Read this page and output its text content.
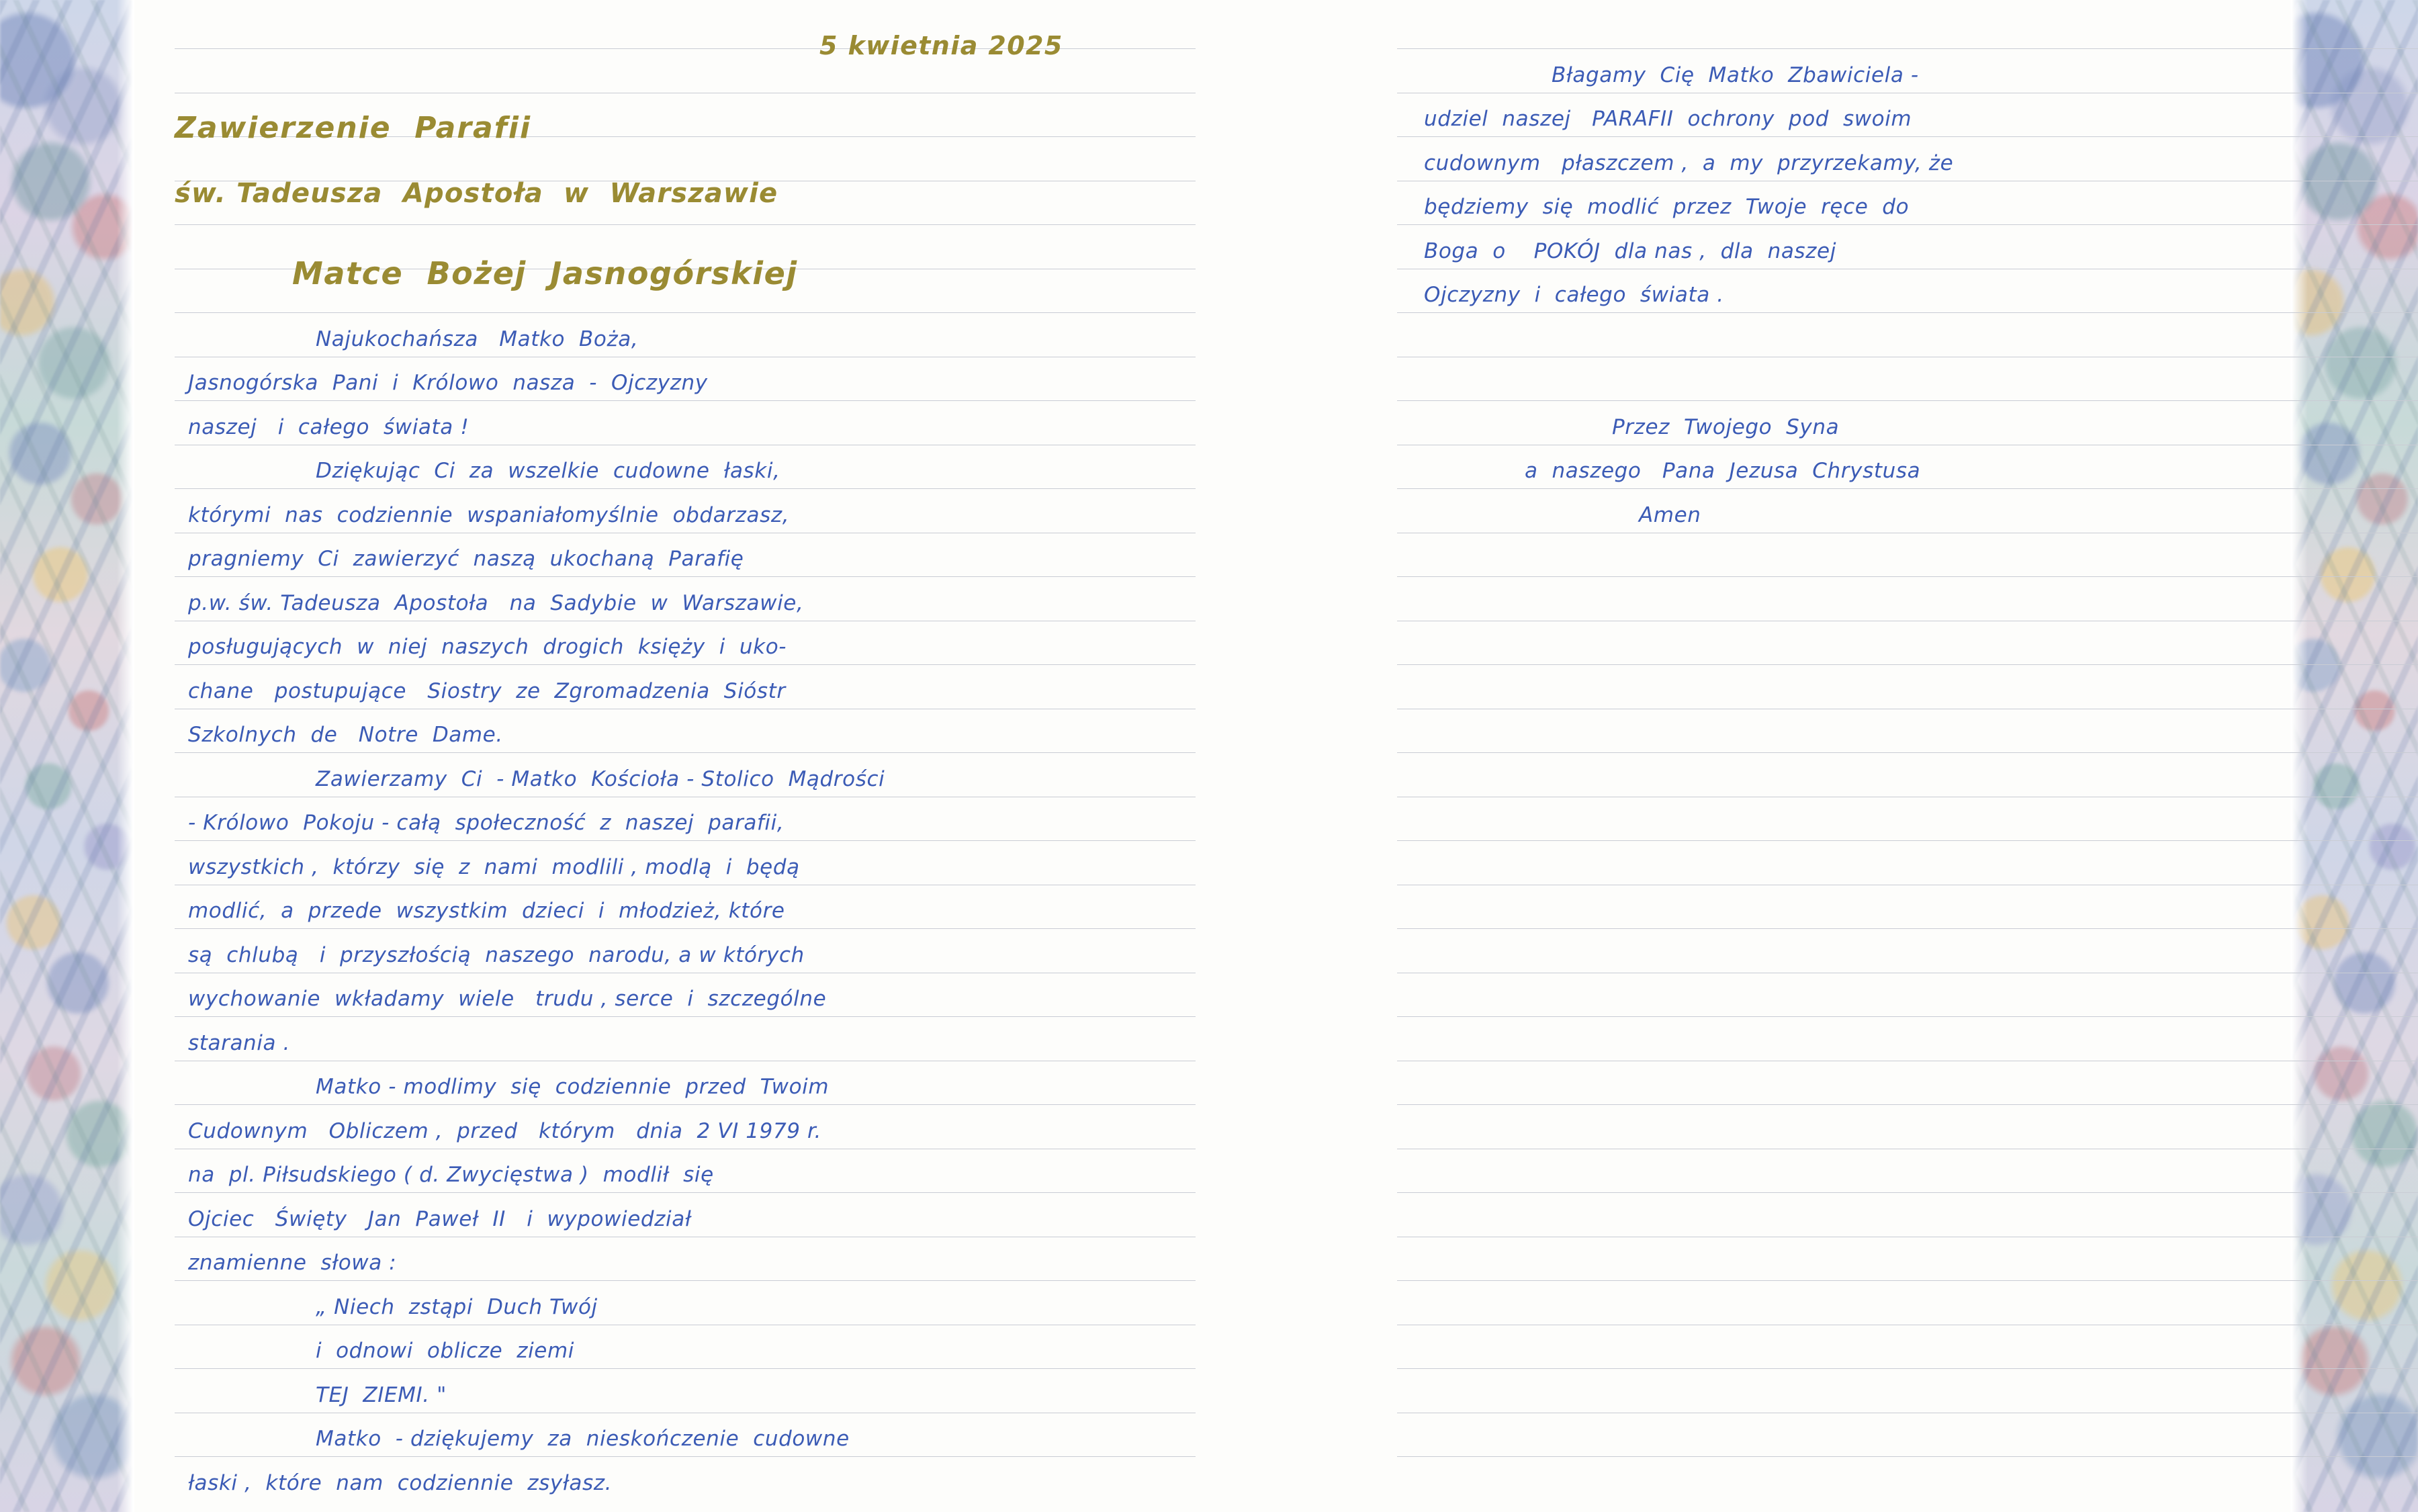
Najukochańsza   Matko  Boża,
Jasnogórska  Pani  i  Królowo  nasza  -  Ojczyzny
naszej   i  całego  świata !
Dziękując  Ci  za  wszelkie  cudowne  łaski,
którymi  nas  codziennie  wspaniałomyślnie  obdarzasz,
pragniemy  Ci  zawierzyć  naszą  ukochaną  Parafię
p.w. św. Tadeusza  Apostoła   na  Sadybie  w  Warszawie,
posługujących  w  niej  naszych  drogich  księży  i  uko-
chane   postupujące   Siostry  ze  Zgromadzenia  Sióstr
Szkolnych  de   Notre  Dame.
Zawierzamy  Ci  - Matko  Kościoła - Stolico  Mądrości
- Królowo  Pokoju - całą  społeczność  z  naszej  parafii,
wszystkich ,  którzy  się  z  nami  modlili , modlą  i  będą
modlić,  a  przede  wszystkim  dzieci  i  młodzież, które
są  chlubą   i  przyszłością  naszego  narodu, a w których
wychowanie  wkładamy  wiele   trudu , serce  i  szczególne
starania .
Matko - modlimy  się  codziennie  przed  Twoim
Cudownym   Obliczem ,  przed   którym   dnia  2 VI 1979 r.
na  pl. Piłsudskiego ( d. Zwycięstwa )  modlił  się
Ojciec   Święty   Jan  Paweł  II   i  wypowiedział
znamienne  słowa :
„ Niech  zstąpi  Duch Twój
i  odnowi  oblicze  ziemi
TEJ  ZIEMI. "
Matko  - dziękujemy  za  nieskończenie  cudowne
łaski ,  które  nam  codziennie  zsyłasz.
Błagamy  Cię  Matko  Zbawiciela -
udziel  naszej   PARAFII  ochrony  pod  swoim
cudownym   płaszczem ,  a  my  przyrzekamy, że
będziemy  się  modlić  przez  Twoje  ręce  do
Boga  o    POKÓJ  dla nas ,  dla  naszej
Ojczyzny  i  całego  świata .
Przez  Twojego  Syna
a  naszego   Pana  Jezusa  Chrystusa
Amen
5 kwietnia 2025
Zawierzenie  Parafii
św. Tadeusza  Apostoła  w  Warszawie
Matce  Bożej  Jasnogórskiej
